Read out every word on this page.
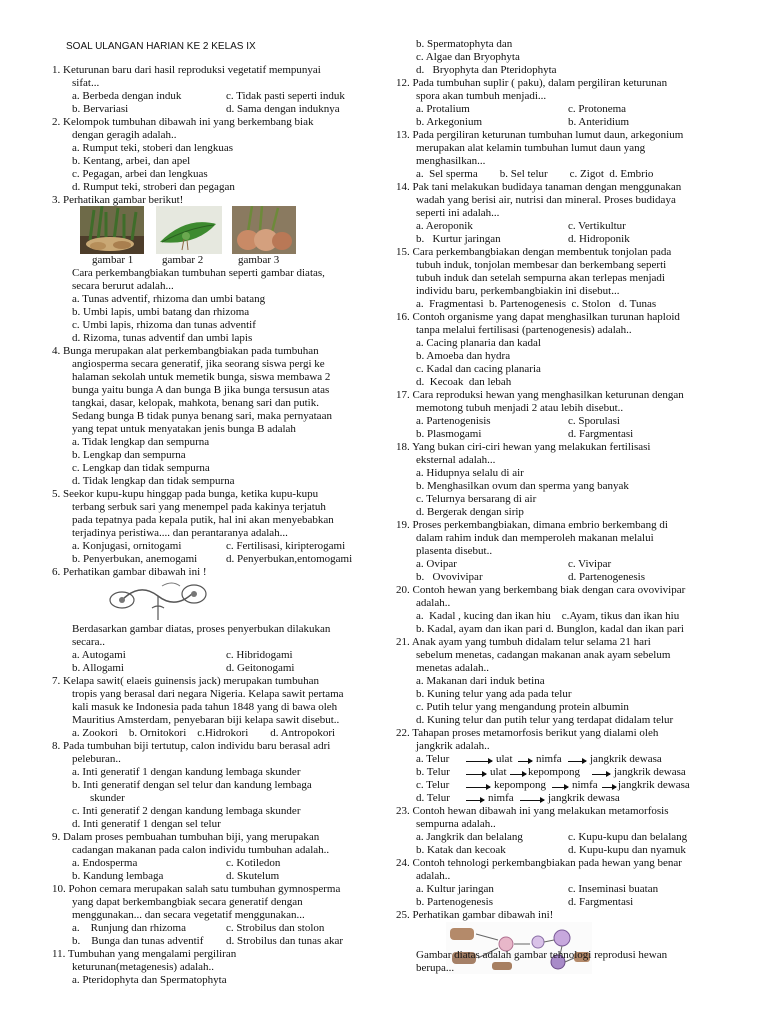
SOAL ULANGAN HARIAN KE 2 KELAS IX
1. Keturunan baru dari hasil reproduksi vegetatif mempunyai
sifat...
a. Berbeda dengan induk	c. Tidak pasti seperti induk
b. Bervariasi	d. Sama dengan induknya
2. Kelompok tumbuhan dibawah ini yang berkembang biak
dengan geragih adalah..
a. Rumput teki, stoberi dan lengkuas
b. Kentang, arbei, dan apel
c. Pegagan, arbei dan lengkuas
d. Rumput teki, stroberi dan pegagan
3. Perhatikan gambar berikut!
gambar 1	gambar 2	gambar 3
Cara perkembangbiakan tumbuhan seperti gambar diatas,
secara berurut adalah...
a. Tunas adventif, rhizoma dan umbi batang
b. Umbi lapis, umbi batang dan rhizoma
c. Umbi lapis, rhizoma dan tunas adventif
d. Rizoma, tunas adventif dan umbi lapis
4. Bunga merupakan alat perkembangbiakan pada tumbuhan
angiosperma secara generatif, jika seorang siswa pergi ke
halaman sekolah untuk memetik bunga, siswa membawa 2
bunga yaitu bunga A dan bunga B jika bunga tersusun atas
tangkai, dasar, kelopak, mahkota, benang sari dan putik.
Sedang bunga B tidak punya benang sari, maka pernyataan
yang tepat untuk menyatakan jenis bunga B adalah
a. Tidak lengkap dan sempurna
b. Lengkap dan sempurna
c. Lengkap dan tidak sempurna
d. Tidak lengkap dan tidak sempurna
5. Seekor kupu-kupu hinggap pada bunga, ketika kupu-kupu
terbang serbuk sari yang menempel pada kakinya terjatuh
pada tepatnya pada kepala putik, hal ini akan menyebabkan
terjadinya peristiwa.... dan perantaranya adalah...
a. Konjugasi, ornitogami	c. Fertilisasi, kiripterogami
b. Penyerbukan, anemogami	d. Penyerbukan,entomogami
6. Perhatikan gambar dibawah ini !
Berdasarkan gambar diatas, proses penyerbukan dilakukan
secara..
a. Autogami	c. Hibridogami
b. Allogami	d. Geitonogami
7. Kelapa sawit( elaeis guinensis jack) merupakan tumbuhan
tropis yang berasal dari negara Nigeria. Kelapa sawit pertama
kali masuk ke Indonesia pada tahun 1848 yang di bawa oleh
Mauritius Amsterdam, penyebaran biji kelapa sawit disebut..
a. Zookori    b. Ornitokori    c.Hidrokori        d. Antropokori
8. Pada tumbuhan biji tertutup, calon individu baru berasal adri
peleburan..
a. Inti generatif 1 dengan kandung lembaga skunder
b. Inti generatif dengan sel telur dan kandung lembaga
skunder
c. Inti generatif 2 dengan kandung lembaga skunder
d. Inti generatif 1 dengan sel telur
9. Dalam proses pembuahan tumbuhan biji, yang merupakan
cadangan makanan pada calon individu tumbuhan adalah..
a. Endosperma	c. Kotiledon
b. Kandung lembaga	d. Skutelum
10. Pohon cemara merupakan salah satu tumbuhan gymnosperma
yang dapat berkembangbiak secara generatif dengan
menggunakan... dan secara vegetatif menggunakan...
a.    Runjung dan rhizoma	c. Strobilus dan stolon
b.    Bunga dan tunas adventif d. Strobilus dan tunas akar
11. Tumbuhan yang mengalami pergiliran
keturunan(metagenesis) adalah..
a. Pteridophyta dan Spermatophyta
b. Spermatophyta dan
c. Algae dan Bryophyta
d.   Bryophyta dan Pteridophyta
12. Pada tumbuhan suplir ( paku), dalam pergiliran keturunan
spora akan tumbuh menjadi...
a. Protalium	c. Protonema
b. Arkegonium	b. Anteridium
13. Pada pergiliran keturunan tumbuhan lumut daun, arkegonium
merupakan alat kelamin tumbuhan lumut daun yang
menghasilkan...
a.  Sel sperma        b. Sel telur        c. Zigot  d. Embrio
14. Pak tani melakukan budidaya tanaman dengan menggunakan
wadah yang berisi air, nutrisi dan mineral. Proses budidaya
seperti ini adalah...
a. Aeroponik	c. Vertikultur
b.   Kurtur jaringan	d. Hidroponik
15. Cara perkembangbiakan dengan membentuk tonjolan pada
tubuh induk, tonjolan membesar dan berkembang seperti
tubuh induk dan setelah sempurna akan terlepas menjadi
individu baru, perkembangbiakin ini disebut...
a.  Fragmentasi  b. Partenogenesis  c. Stolon   d. Tunas
16. Contoh organisme yang dapat menghasilkan turunan haploid
tanpa melalui fertilisasi (partenogenesis) adalah..
a. Cacing planaria dan kadal
b. Amoeba dan hydra
c. Kadal dan cacing planaria
d.  Kecoak  dan lebah
17. Cara reproduksi hewan yang menghasilkan keturunan dengan
memotong tubuh menjadi 2 atau lebih disebut..
a. Partenogenisis	c. Sporulasi
b. Plasmogami	d. Fargmentasi
18. Yang bukan ciri-ciri hewan yang melakukan fertilisasi
eksternal adalah...
a. Hidupnya selalu di air
b. Menghasilkan ovum dan sperma yang banyak
c. Telurnya bersarang di air
d. Bergerak dengan sirip
19. Proses perkembangbiakan, dimana embrio berkembang di
dalam rahim induk dan memperoleh makanan melalui
plasenta disebut..
a. Ovipar	c. Vivipar
b.   Ovovivipar	d. Partenogenesis
20. Contoh hewan yang berkembang biak dengan cara ovovivipar
adalah..
a.  Kadal , kucing dan ikan hiu    c.Ayam, tikus dan ikan hiu
b. Kadal, ayam dan ikan pari d. Bunglon, kadal dan ikan pari
21. Anak ayam yang tumbuh didalam telur selama 21 hari
sebelum menetas, cadangan makanan anak ayam sebelum
menetas adalah..
a. Makanan dari induk betina
b. Kuning telur yang ada pada telur
c. Putih telur yang mengandung protein albumin
d. Kuning telur dan putih telur yang terdapat didalam telur
22. Tahapan proses metamorfosis berikut yang dialami oleh
jangkrik adalah..
a. Telur	ulat nimfa	jangkrik dewasa
b. Telur	ulat kepompong	jangkrik dewasa
c. Telur	kepompong nimfa jangkrik dewasa
d. Telur	nimfa	jangkrik dewasa
23. Contoh hewan dibawah ini yang melakukan metamorfosis
sempurna adalah..
a. Jangkrik dan belalang	c. Kupu-kupu dan belalang
b. Katak dan kecoak	d. Kupu-kupu dan nyamuk
24. Contoh tehnologi perkembangbiakan pada hewan yang benar
adalah..
a. Kultur jaringan	c. Inseminasi buatan
b. Partenogenesis	d. Fargmentasi
25. Perhatikan gambar dibawah ini!
Gambar diatas adalah gambar tehnologi reprodusi hewan
berupa...
